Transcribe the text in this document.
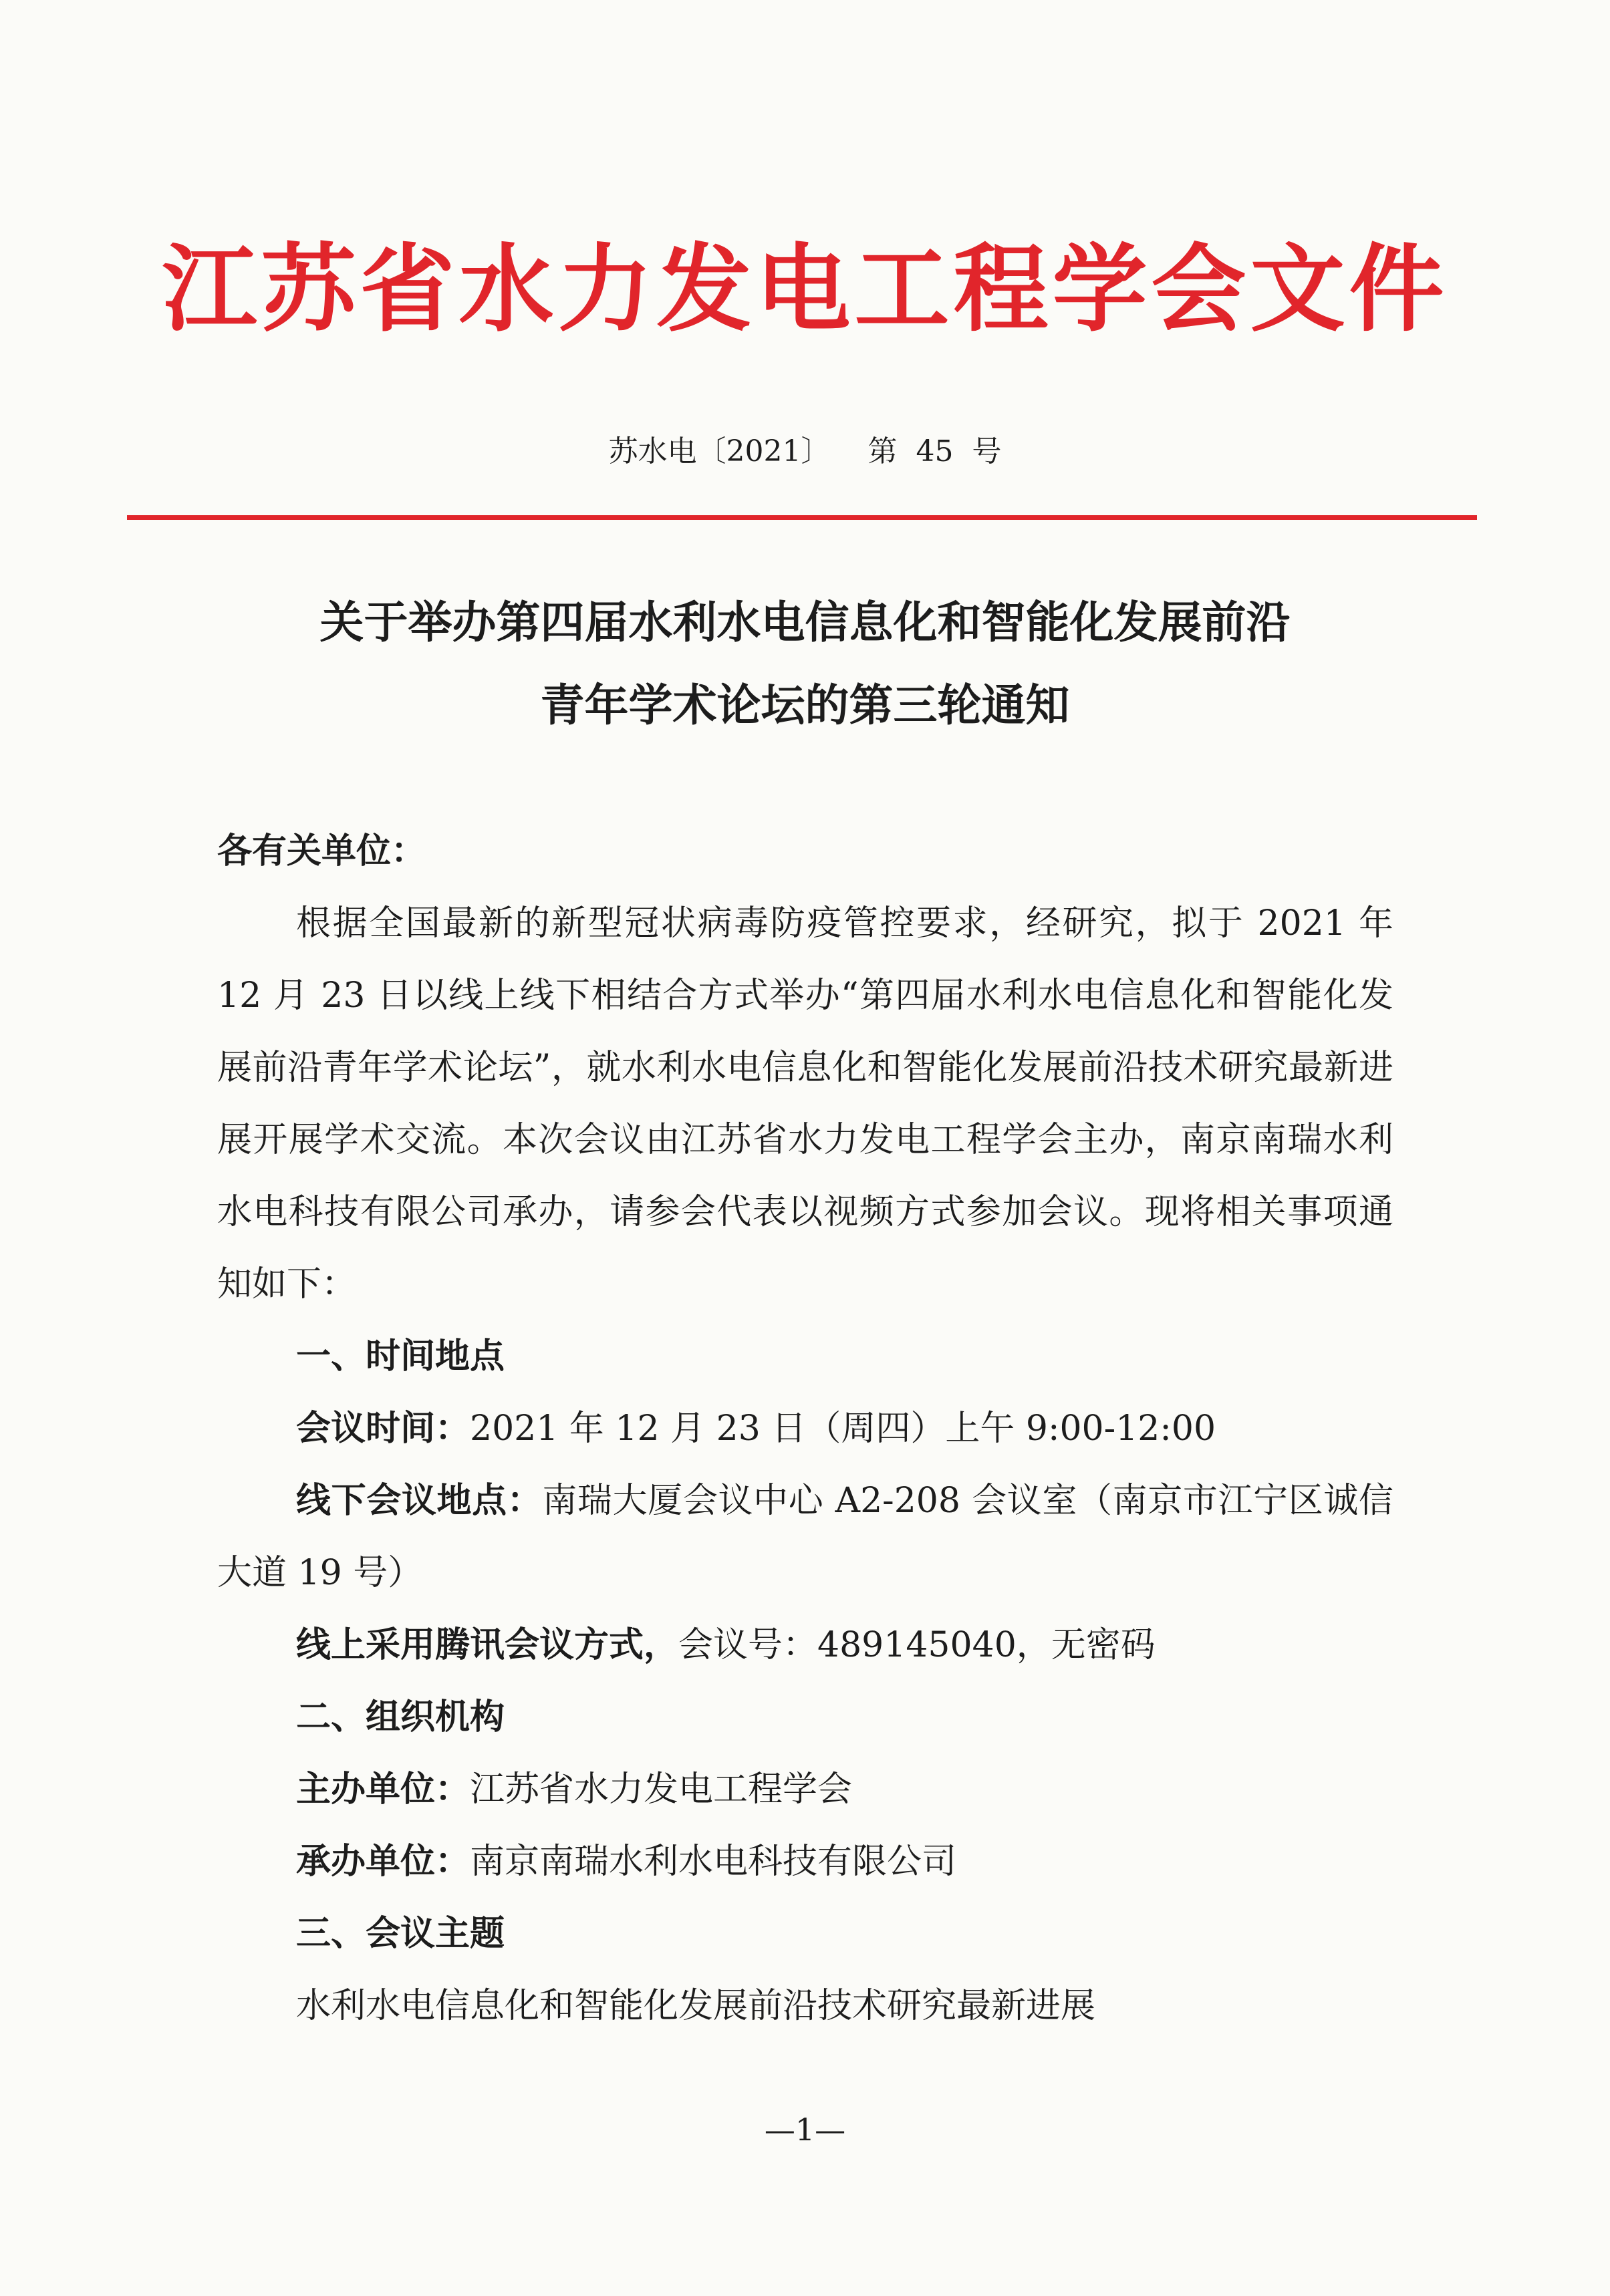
江苏省水力发电工程学会文件
苏水电〔2021〕    第  45  号
关于举办第四届水利水电信息化和智能化发展前沿
青年学术论坛的第三轮通知

各有关单位：

根据全国最新的新型冠状病毒防疫管控要求，经研究，拟于 2021 年 12 月 23 日以线上线下相结合方式举办“第四届水利水电信息化和智能化发展前沿青年学术论坛”，就水利水电信息化和智能化发展前沿技术研究最新进展开展学术交流。本次会议由江苏省水力发电工程学会主办，南京南瑞水利水电科技有限公司承办，请参会代表以视频方式参加会议。现将相关事项通知如下：

一、时间地点

会议时间：2021 年 12 月 23 日（周四）上午 9:00-12:00

线下会议地点：南瑞大厦会议中心 A2-208 会议室（南京市江宁区诚信大道 19 号）

线上采用腾讯会议方式，会议号：489145040，无密码

二、组织机构

主办单位：江苏省水力发电工程学会

承办单位：南京南瑞水利水电科技有限公司

三、会议主题

水利水电信息化和智能化发展前沿技术研究最新进展

—1—
